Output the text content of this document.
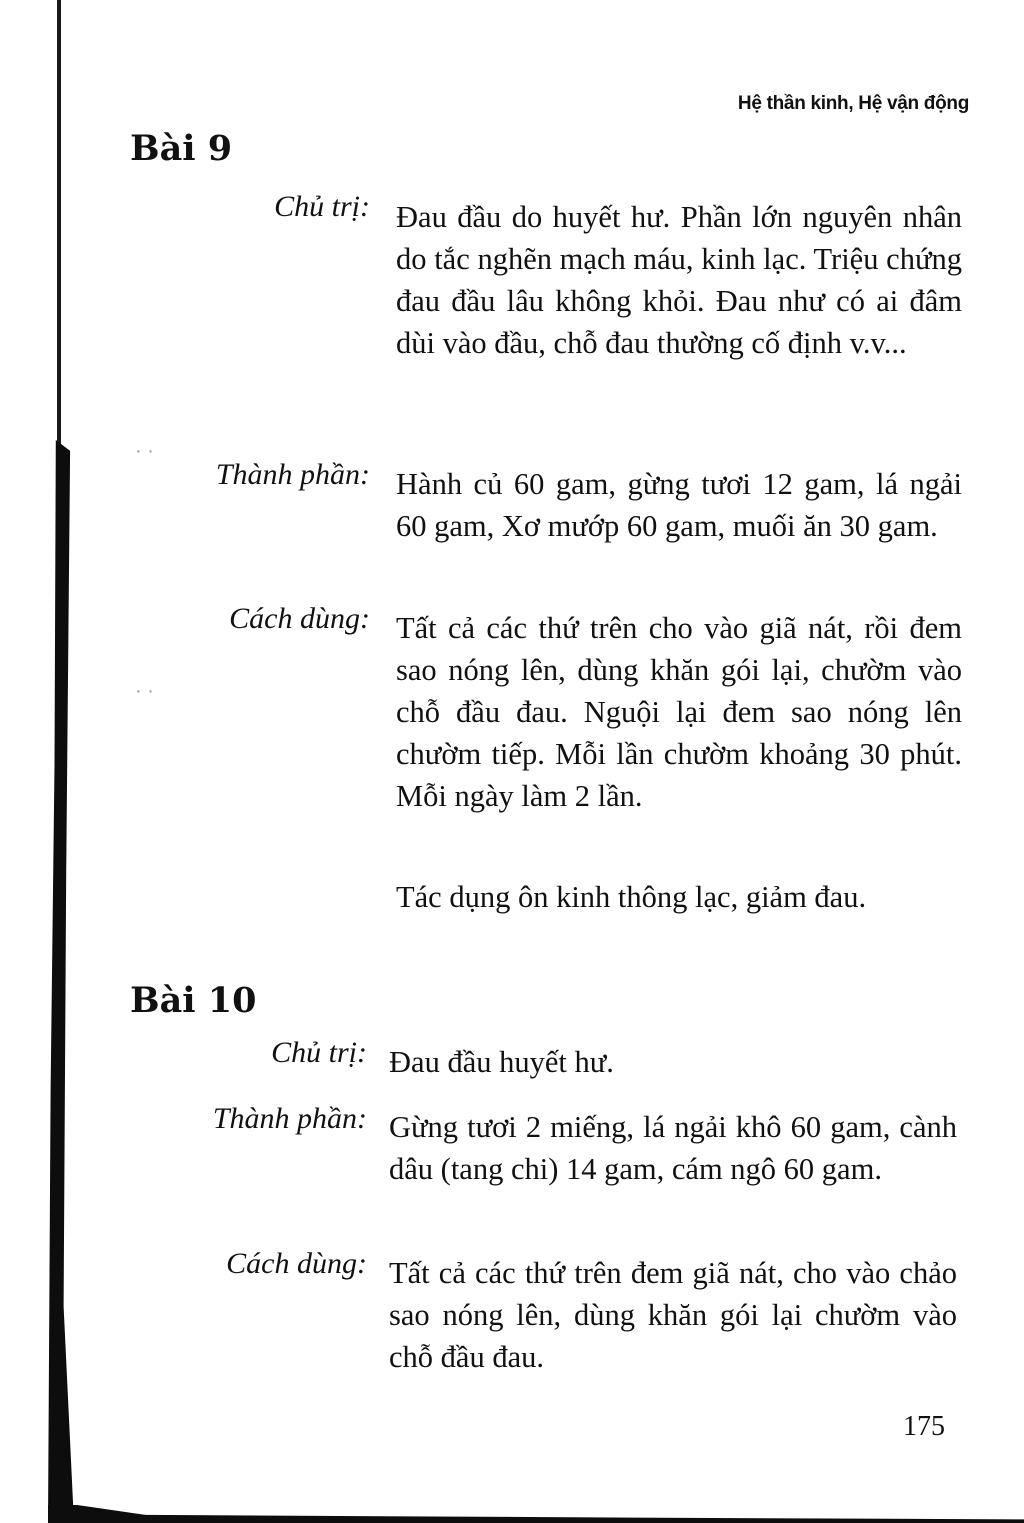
· ·
· ·
Hệ thần kinh, Hệ vận động
Bài 9
Chủ trị: Đau đầu do huyết hư. Phần lớn nguyên nhân do tắc nghẽn mạch máu, kinh lạc. Triệu chứng đau đầu lâu không khỏi. Đau như có ai đâm dùi vào đầu, chỗ đau thường cố định v.v...

Thành phần: Hành củ 60 gam, gừng tươi 12 gam, lá ngải 60 gam, Xơ mướp 60 gam, muối ăn 30 gam.

Cách dùng: Tất cả các thứ trên cho vào giã nát, rồi đem sao nóng lên, dùng khăn gói lại, chườm vào chỗ đầu đau. Nguội lại đem sao nóng lên chườm tiếp. Mỗi lần chườm khoảng 30 phút. Mỗi ngày làm 2 lần.

Tác dụng ôn kinh thông lạc, giảm đau.

Bài 10
Chủ trị: Đau đầu huyết hư.

Thành phần: Gừng tươi 2 miếng, lá ngải khô 60 gam, cành dâu (tang chi) 14 gam, cám ngô 60 gam.

Cách dùng: Tất cả các thứ trên đem giã nát, cho vào chảo sao nóng lên, dùng khăn gói lại chườm vào chỗ đầu đau.

175
